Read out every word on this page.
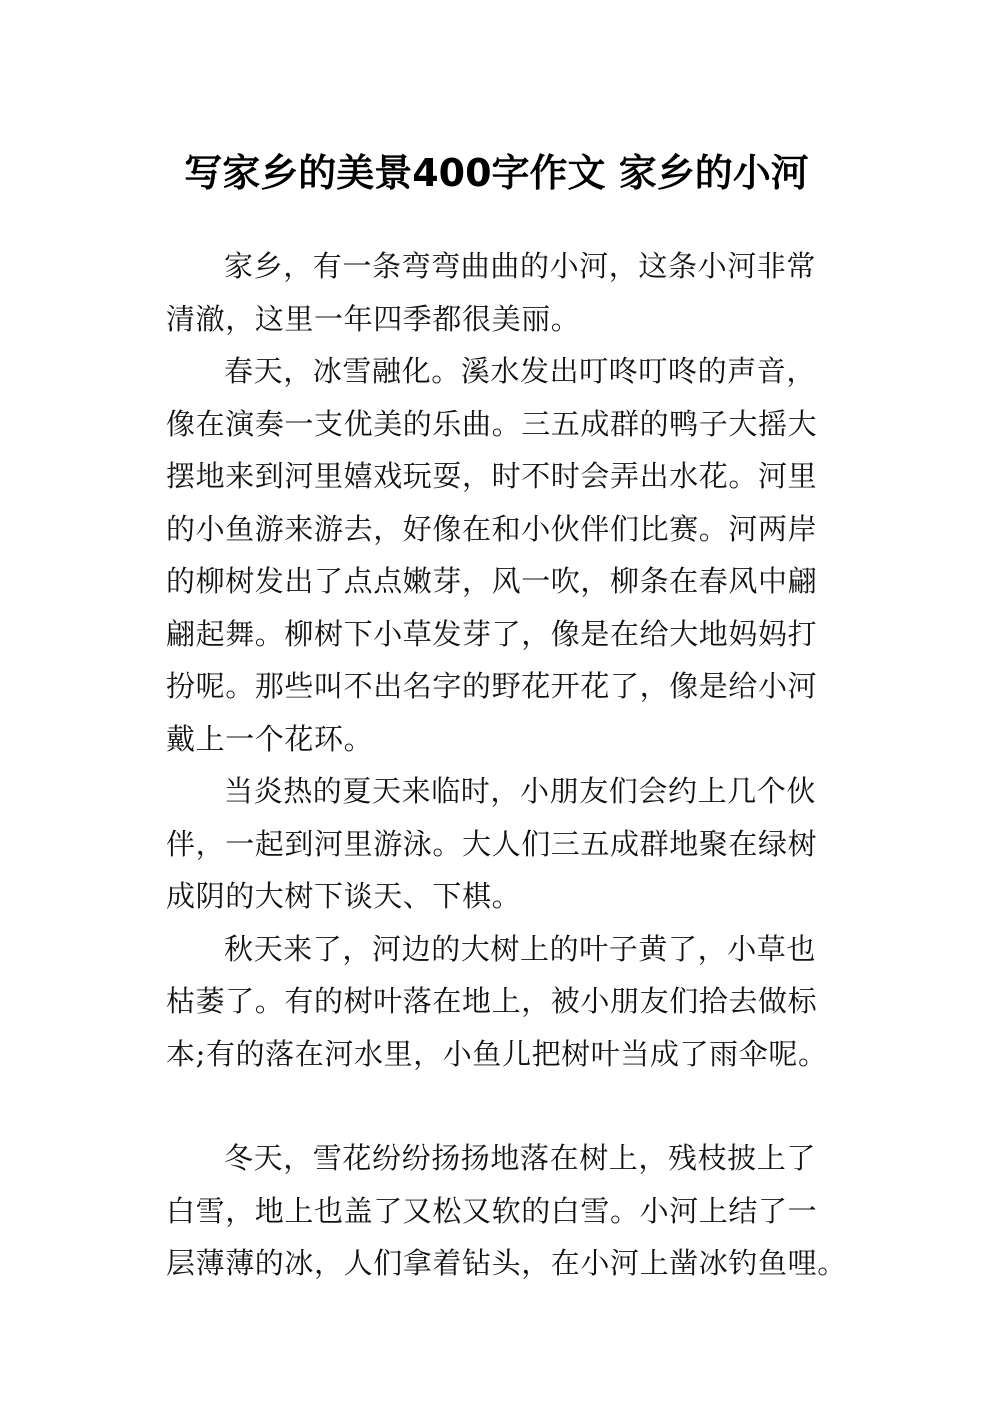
写家乡的美景400字作文 家乡的小河

家乡，有一条弯弯曲曲的小河，这条小河非常
清澈，这里一年四季都很美丽。

春天，冰雪融化。溪水发出叮咚叮咚的声音，
像在演奏一支优美的乐曲。三五成群的鸭子大摇大
摆地来到河里嬉戏玩耍，时不时会弄出水花。河里
的小鱼游来游去，好像在和小伙伴们比赛。河两岸
的柳树发出了点点嫩芽，风一吹，柳条在春风中翩
翩起舞。柳树下小草发芽了，像是在给大地妈妈打
扮呢。那些叫不出名字的野花开花了，像是给小河
戴上一个花环。

当炎热的夏天来临时，小朋友们会约上几个伙
伴，一起到河里游泳。大人们三五成群地聚在绿树
成阴的大树下谈天、下棋。

秋天来了，河边的大树上的叶子黄了，小草也
枯萎了。有的树叶落在地上，被小朋友们拾去做标
本;有的落在河水里，小鱼儿把树叶当成了雨伞呢。

冬天，雪花纷纷扬扬地落在树上，残枝披上了
白雪，地上也盖了又松又软的白雪。小河上结了一
层薄薄的冰，人们拿着钻头，在小河上凿冰钓鱼哩。
